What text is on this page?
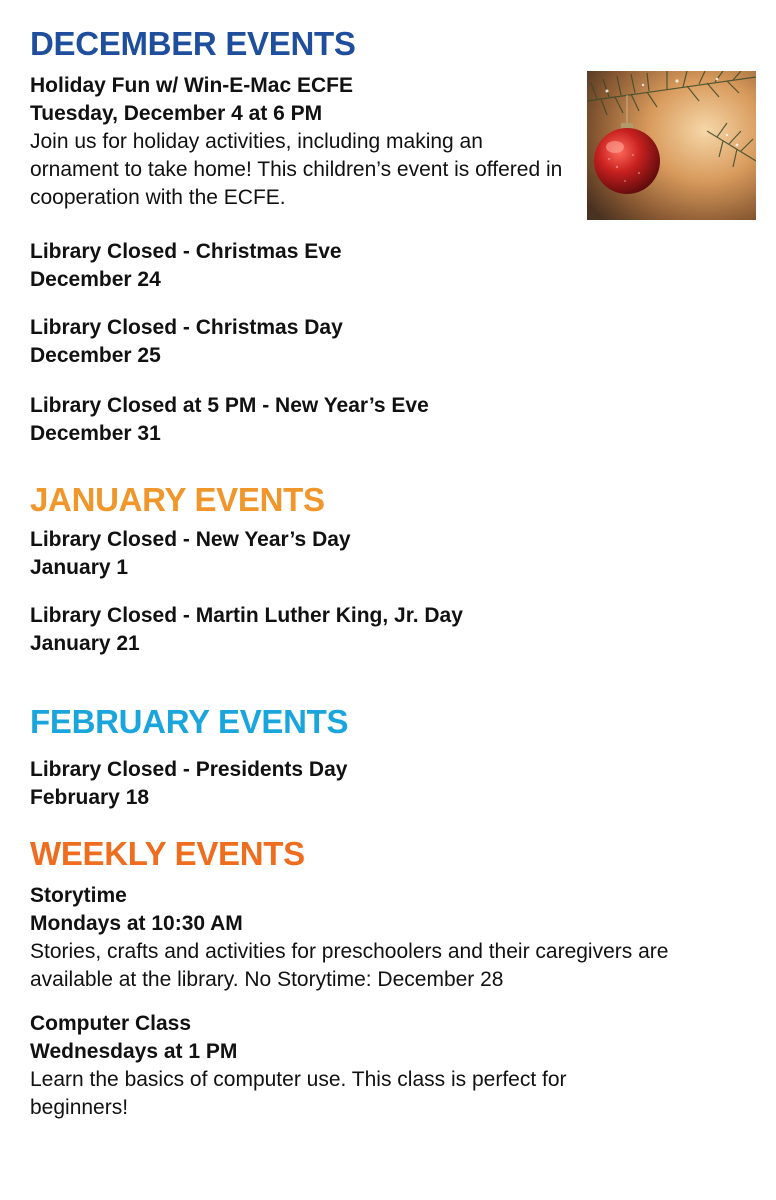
DECEMBER EVENTS
Holiday Fun w/ Win-E-Mac ECFE
Tuesday, December 4 at 6 PM
Join us for holiday activities, including making an ornament to take home! This children’s event is offered in cooperation with the ECFE.
Library Closed - Christmas Eve
December 24
Library Closed - Christmas Day
December 25
Library Closed at 5 PM - New Year’s Eve
December 31
JANUARY EVENTS
Library Closed - New Year’s Day
January 1
Library Closed - Martin Luther King, Jr. Day
January 21
FEBRUARY EVENTS
Library Closed - Presidents Day
February 18
WEEKLY EVENTS
Storytime
Mondays at 10:30 AM
Stories, crafts and activities for preschoolers and their caregivers are available at the library. No Storytime: December 28
Computer Class
Wednesdays at 1 PM
Learn the basics of computer use. This class is perfect for beginners!
